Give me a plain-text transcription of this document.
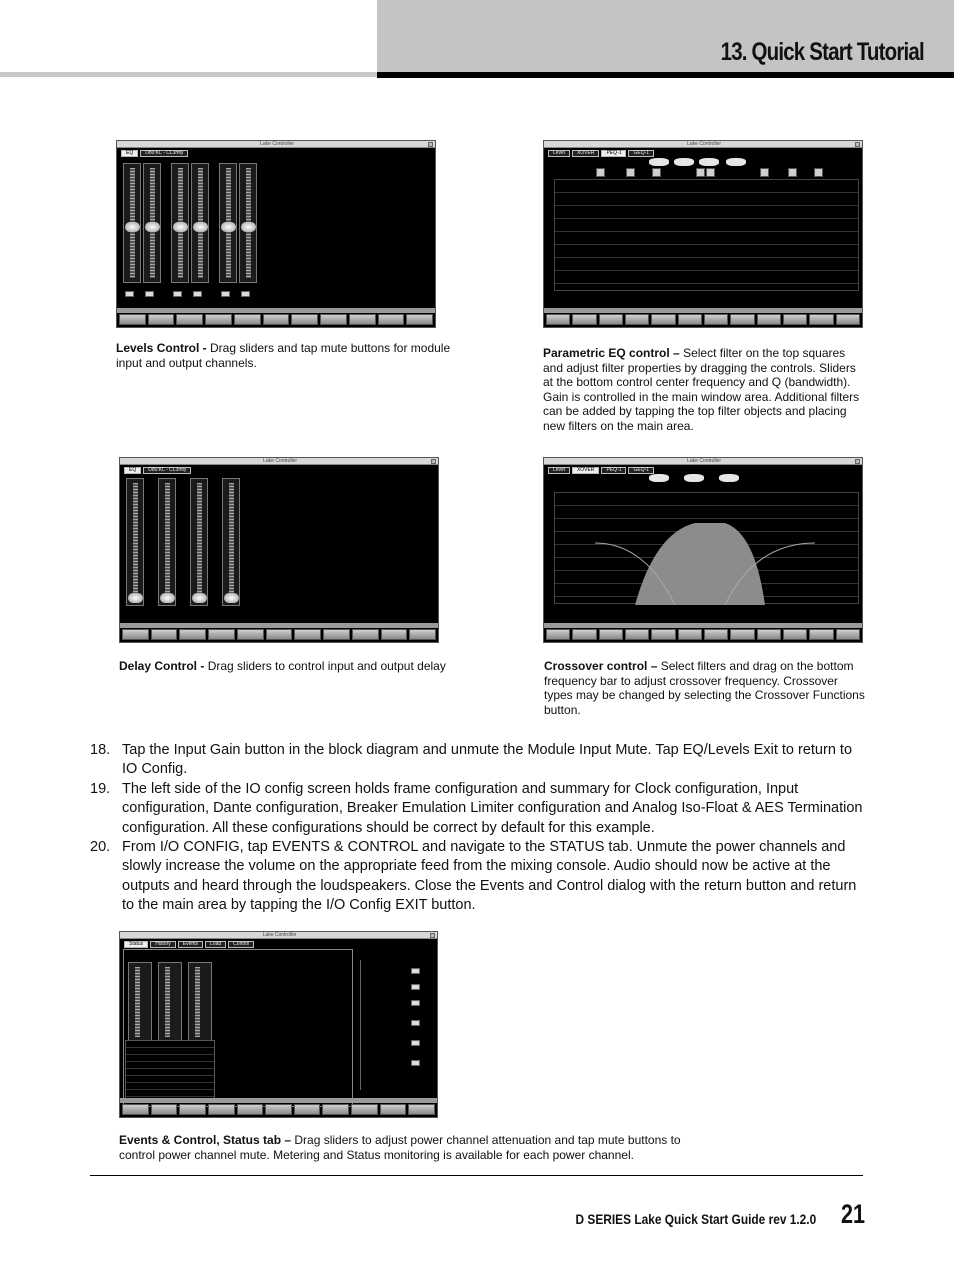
13. Quick Start Tutorial
Lake Controller
EQ	D80:KL - CL3mty
Lake Controller
Level	XOVER	PEQ-1	GEQ-1
Levels Control - Drag sliders and tap mute buttons for module input and output channels.
Parametric EQ control – Select filter on the top squares and adjust filter properties by dragging the controls. Sliders at the bottom control center frequency and Q (bandwidth). Gain is controlled in the main window area. Additional filters can be added by tapping the top filter objects and placing new filters on the main area.
Lake Controller
EQ	D80:KL - CL3mty
Lake Controller
Level	XOVER	PEQ-1	GEQ-1
Delay Control - Drag sliders to control input and output delay	Crossover control – Select filters and drag on the bottom frequency bar to adjust crossover frequency. Crossover types may be changed by selecting the Crossover Functions button.
18. Tap the Input Gain button in the block diagram and unmute the Module Input Mute. Tap EQ/Levels Exit to return to IO Config.
19. The left side of the IO config screen holds frame configuration and summary for Clock configuration, Input configuration, Dante configuration, Breaker Emulation Limiter configuration and Analog Iso-Float & AES Termination configuration. All these configurations should be correct by default for this example.
20. From I/O CONFIG, tap EVENTS & CONTROL and navigate to the STATUS tab. Unmute the power channels and slowly increase the volume on the appropriate feed from the mixing console. Audio should now be active at the outputs and heard through the loudspeakers. Close the Events and Control dialog with the return button and return to the main area by tapping the I/O Config EXIT button.
Lake Controller
Status	History	Events	Load	Control
Events & Control, Status tab – Drag sliders to adjust power channel attenuation and tap mute buttons to control power channel mute. Metering and Status monitoring is available for each power channel.
D SERIES Lake Quick Start Guide rev 1.2.0 21
